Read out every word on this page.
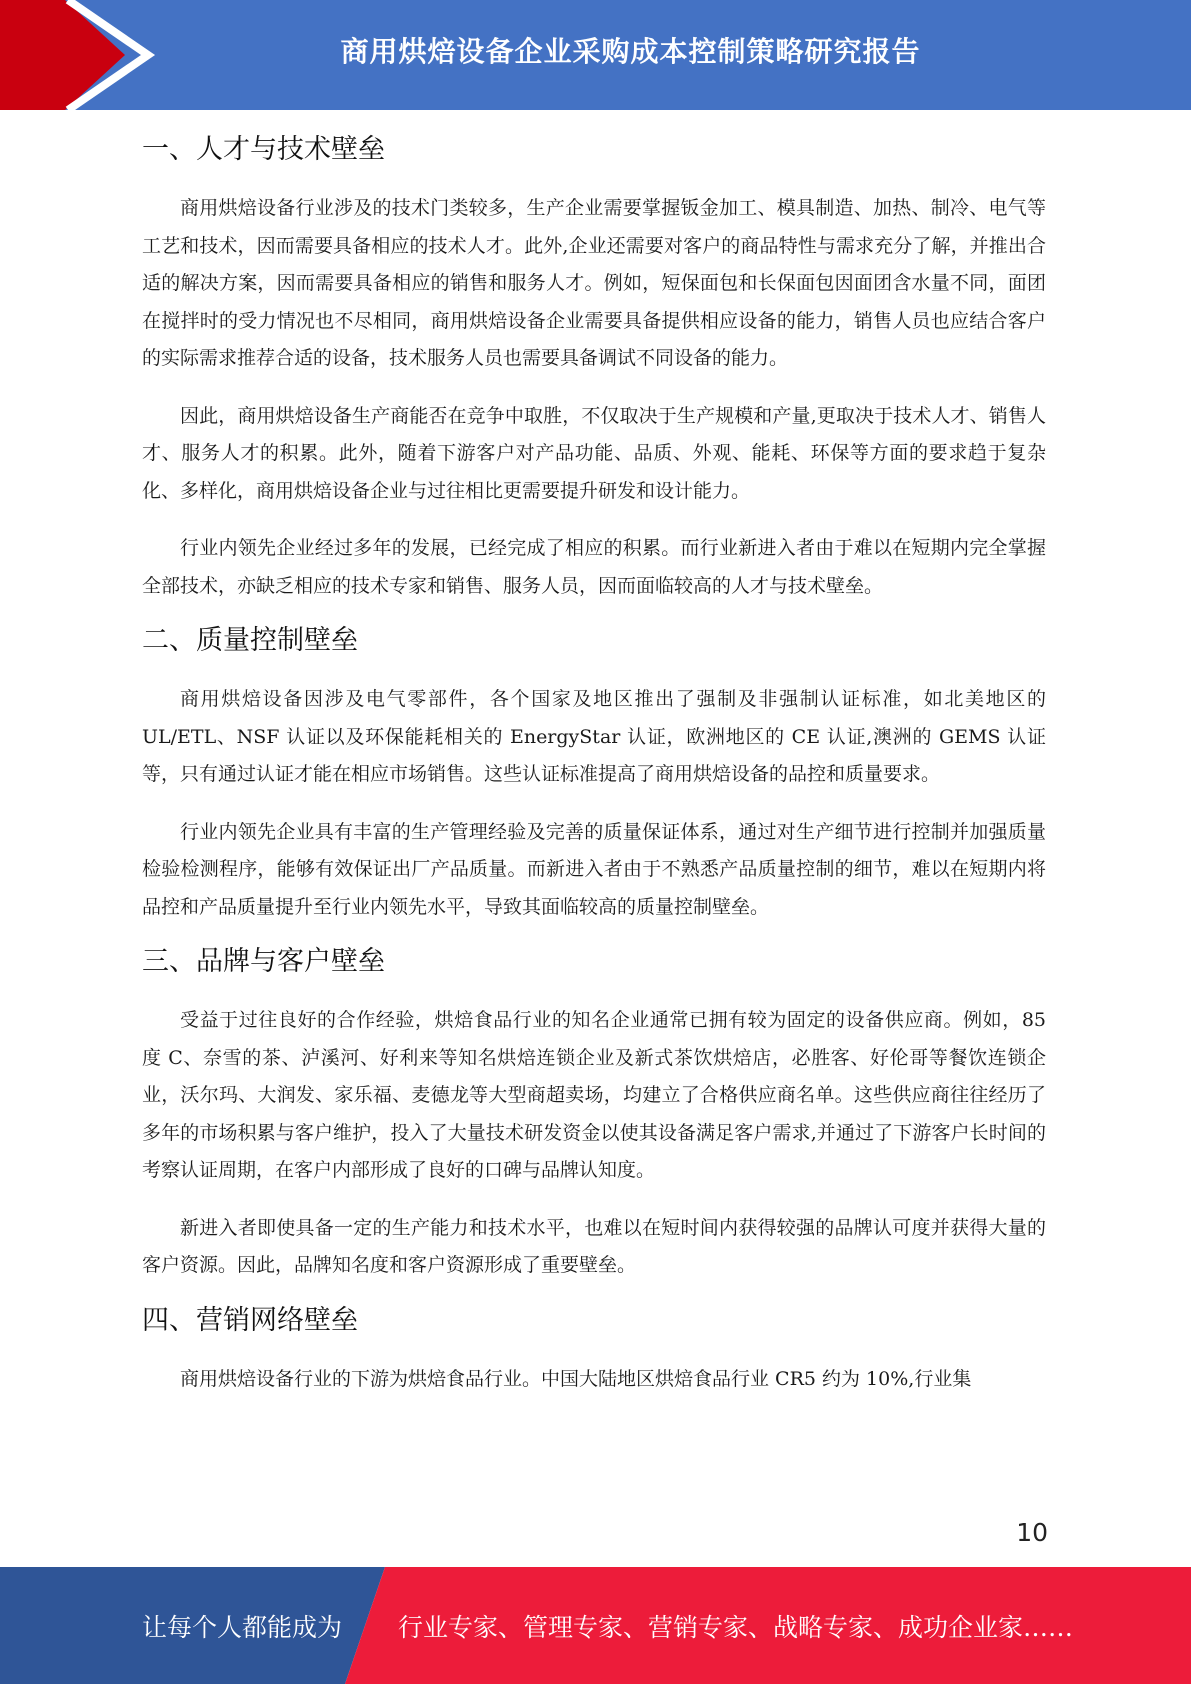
商用烘焙设备企业采购成本控制策略研究报告
一、人才与技术壁垒

商用烘焙设备行业涉及的技术门类较多，生产企业需要掌握钣金加工、模具制造、加热、制冷、电气等工艺和技术，因而需要具备相应的技术人才。此外,企业还需要对客户的商品特性与需求充分了解，并推出合适的解决方案，因而需要具备相应的销售和服务人才。例如，短保面包和长保面包因面团含水量不同，面团在搅拌时的受力情况也不尽相同，商用烘焙设备企业需要具备提供相应设备的能力，销售人员也应结合客户的实际需求推荐合适的设备，技术服务人员也需要具备调试不同设备的能力。

因此，商用烘焙设备生产商能否在竞争中取胜，不仅取决于生产规模和产量,更取决于技术人才、销售人才、服务人才的积累。此外，随着下游客户对产品功能、品质、外观、能耗、环保等方面的要求趋于复杂化、多样化，商用烘焙设备企业与过往相比更需要提升研发和设计能力。

行业内领先企业经过多年的发展，已经完成了相应的积累。而行业新进入者由于难以在短期内完全掌握全部技术，亦缺乏相应的技术专家和销售、服务人员，因而面临较高的人才与技术壁垒。

二、质量控制壁垒

商用烘焙设备因涉及电气零部件，各个国家及地区推出了强制及非强制认证标准，如北美地区的 UL/ETL、NSF 认证以及环保能耗相关的 EnergyStar 认证，欧洲地区的 CE 认证,澳洲的 GEMS 认证等，只有通过认证才能在相应市场销售。这些认证标准提高了商用烘焙设备的品控和质量要求。

行业内领先企业具有丰富的生产管理经验及完善的质量保证体系，通过对生产细节进行控制并加强质量检验检测程序，能够有效保证出厂产品质量。而新进入者由于不熟悉产品质量控制的细节，难以在短期内将品控和产品质量提升至行业内领先水平，导致其面临较高的质量控制壁垒。

三、品牌与客户壁垒

受益于过往良好的合作经验，烘焙食品行业的知名企业通常已拥有较为固定的设备供应商。例如，85 度 C、奈雪的茶、泸溪河、好利来等知名烘焙连锁企业及新式茶饮烘焙店，必胜客、好伦哥等餐饮连锁企业，沃尔玛、大润发、家乐福、麦德龙等大型商超卖场，均建立了合格供应商名单。这些供应商往往经历了多年的市场积累与客户维护，投入了大量技术研发资金以使其设备满足客户需求,并通过了下游客户长时间的考察认证周期，在客户内部形成了良好的口碑与品牌认知度。

新进入者即使具备一定的生产能力和技术水平，也难以在短时间内获得较强的品牌认可度并获得大量的客户资源。因此，品牌知名度和客户资源形成了重要壁垒。

四、营销网络壁垒

商用烘焙设备行业的下游为烘焙食品行业。中国大陆地区烘焙食品行业 CR5 约为 10%,行业集

10
让每个人都能成为 行业专家、管理专家、营销专家、战略专家、成功企业家……
